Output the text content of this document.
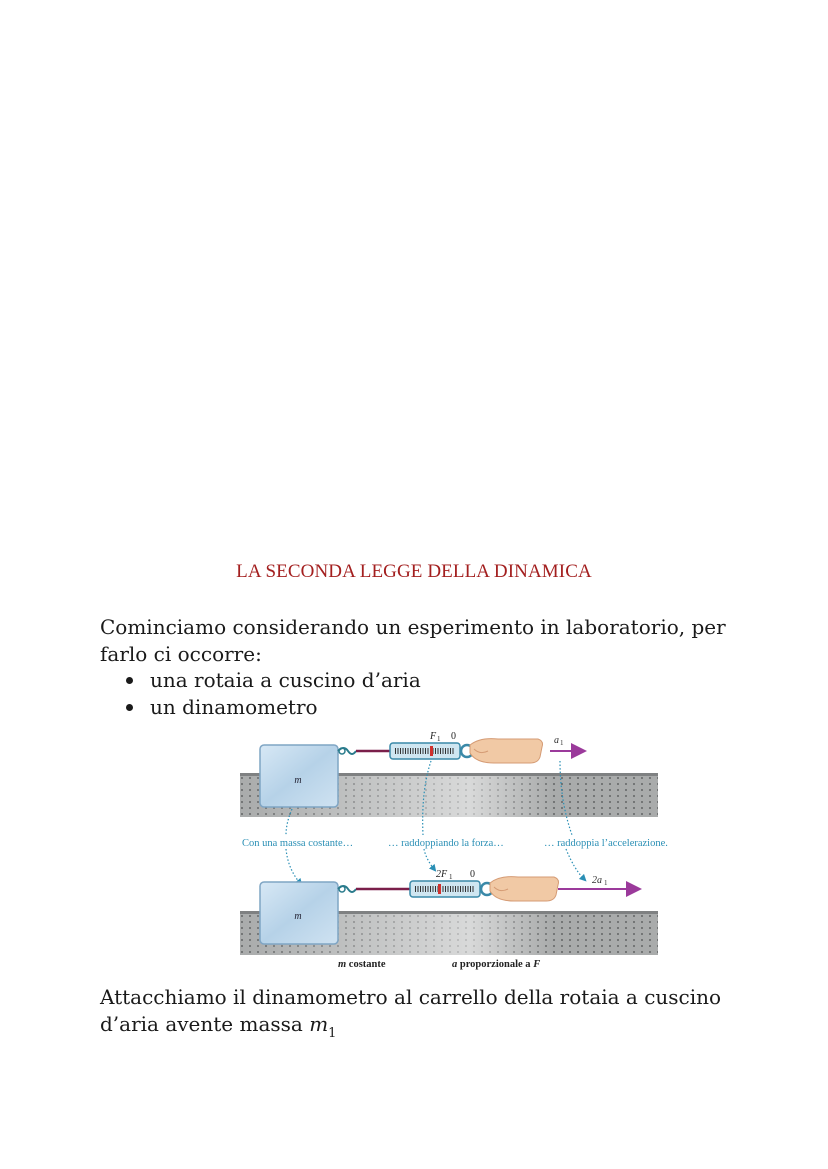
LA SECONDA LEGGE DELLA DINAMICA

Cominciamo considerando un esperimento in laboratorio, per farlo ci occorre:

una rotaia a cuscino d’aria
un dinamometro
m
F 1 0	a 1
Con una massa costante…	… raddoppiando la forza…	… raddoppia l’accelerazione.
m
2F 1 0
2a 1
m costante	a proporzionale a F

Attacchiamo il dinamometro al carrello della rotaia a cuscino d’aria avente massa $m_1$
